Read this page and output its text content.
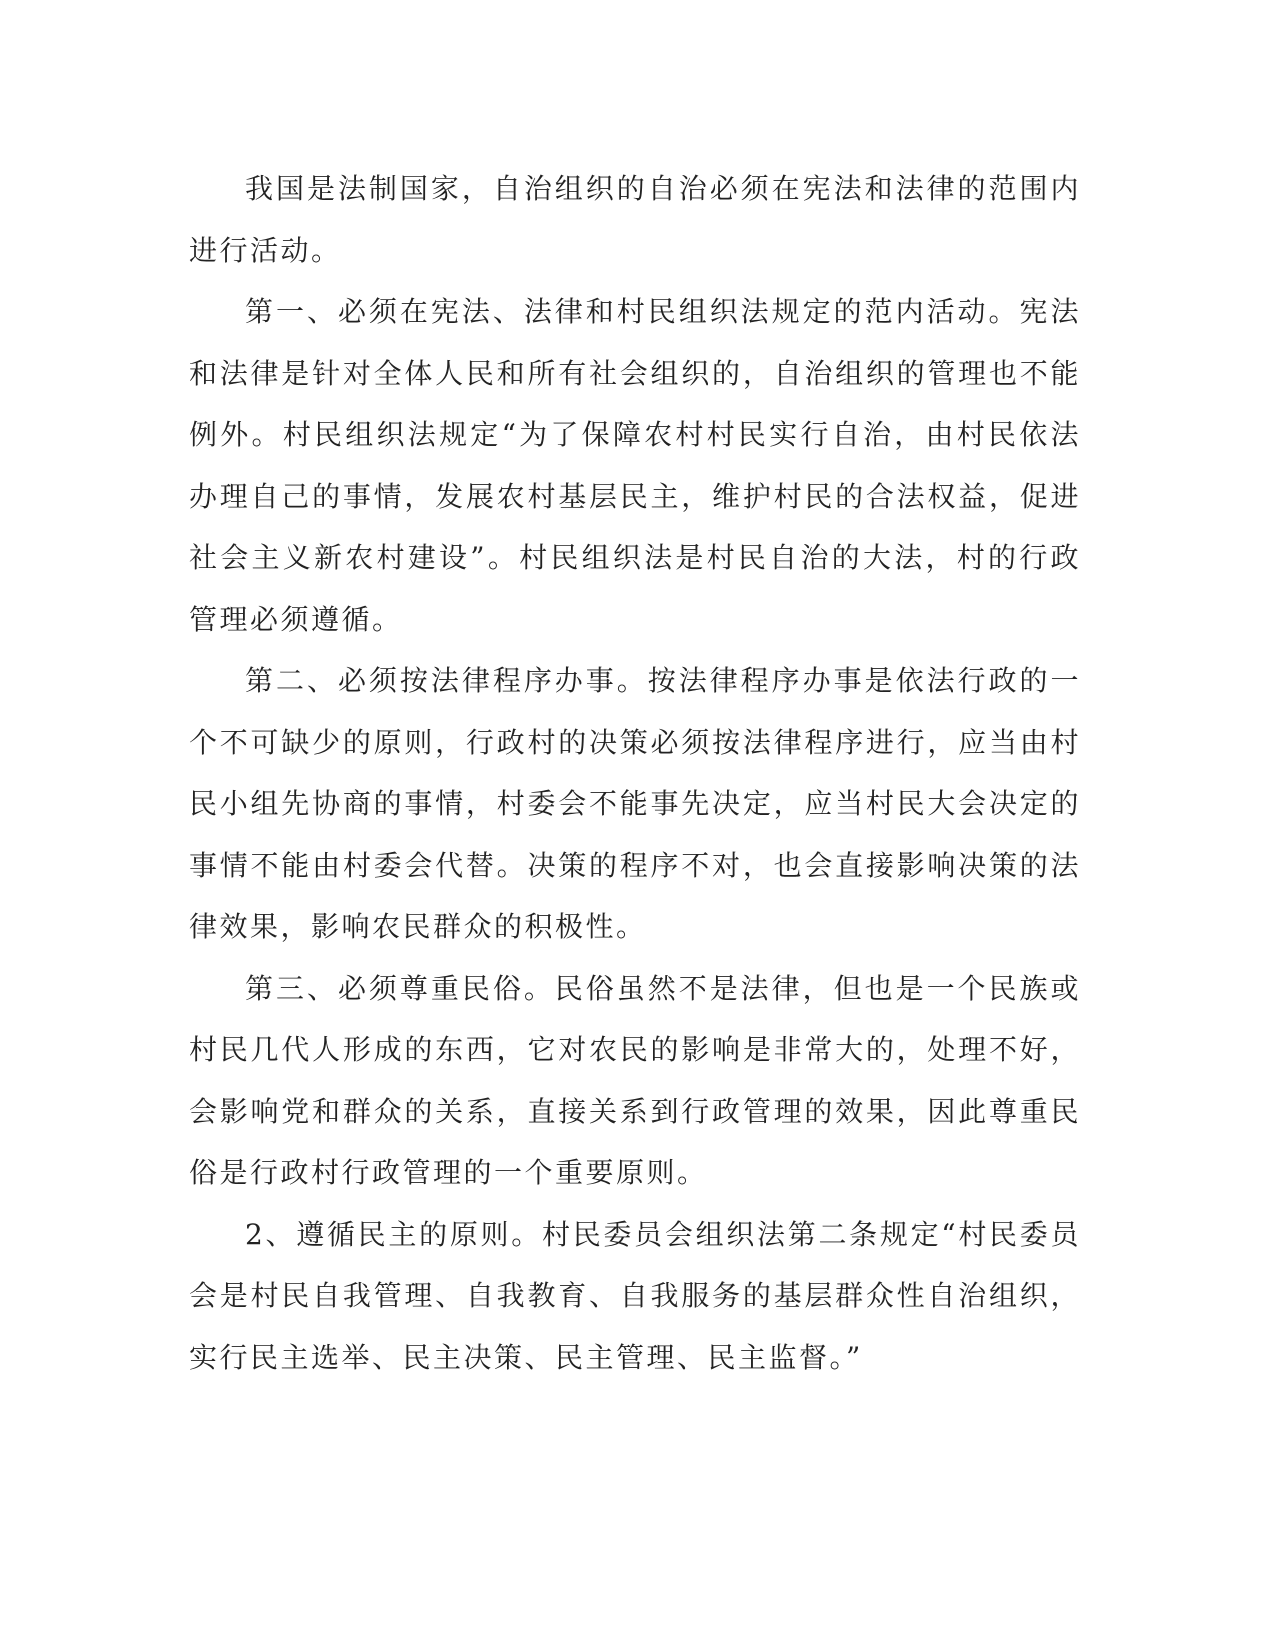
我国是法制国家，自治组织的自治必须在宪法和法律的范围内进行活动。

第一、必须在宪法、法律和村民组织法规定的范内活动。宪法和法律是针对全体人民和所有社会组织的，自治组织的管理也不能例外。村民组织法规定“为了保障农村村民实行自治，由村民依法办理自己的事情，发展农村基层民主，维护村民的合法权益，促进社会主义新农村建设”。村民组织法是村民自治的大法，村的行政管理必须遵循。

第二、必须按法律程序办事。按法律程序办事是依法行政的一个不可缺少的原则，行政村的决策必须按法律程序进行，应当由村民小组先协商的事情，村委会不能事先决定，应当村民大会决定的事情不能由村委会代替。决策的程序不对，也会直接影响决策的法律效果，影响农民群众的积极性。

第三、必须尊重民俗。民俗虽然不是法律，但也是一个民族或村民几代人形成的东西，它对农民的影响是非常大的，处理不好，会影响党和群众的关系，直接关系到行政管理的效果，因此尊重民俗是行政村行政管理的一个重要原则。

2、遵循民主的原则。村民委员会组织法第二条规定“村民委员会是村民自我管理、自我教育、自我服务的基层群众性自治组织，实行民主选举、民主决策、民主管理、民主监督。”
